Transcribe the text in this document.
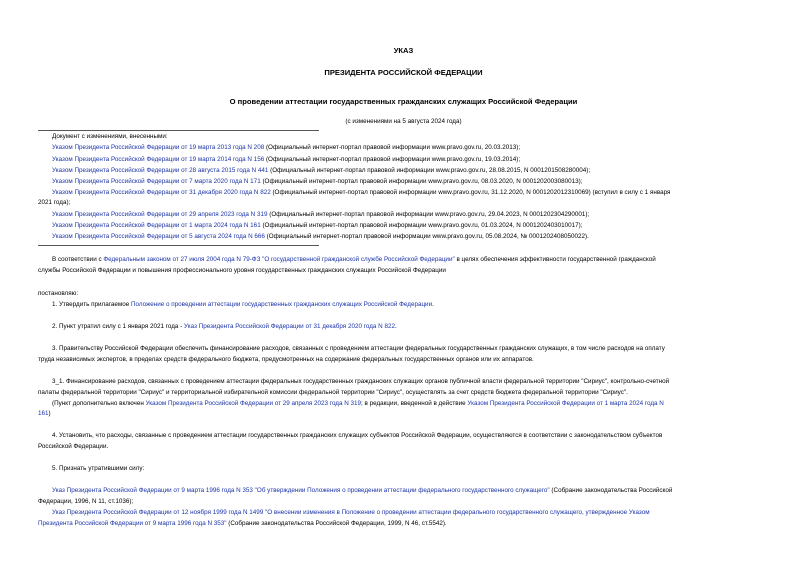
УКАЗ
ПРЕЗИДЕНТА РОССИЙСКОЙ ФЕДЕРАЦИИ
О проведении аттестации государственных гражданских служащих Российской Федерации
(с изменениями на 5 августа 2024 года)
Документ с изменениями, внесенными:
Указом Президента Российской Федерации от 19 марта 2013 года N 208 (Официальный интернет-портал правовой информации www.pravo.gov.ru, 20.03.2013);
Указом Президента Российской Федерации от 19 марта 2014 года N 156 (Официальный интернет-портал правовой информации www.pravo.gov.ru, 19.03.2014);
Указом Президента Российской Федерации от 28 августа 2015 года N 441 (Официальный интернет-портал правовой информации www.pravo.gov.ru, 28.08.2015, N 0001201508280004);
Указом Президента Российской Федерации от 7 марта 2020 года N 171 (Официальный интернет-портал правовой информации www.pravo.gov.ru, 08.03.2020, N 0001202003080013);
Указом Президента Российской Федерации от 31 декабря 2020 года N 822 (Официальный интернет-портал правовой информации www.pravo.gov.ru, 31.12.2020, N 0001202012310069) (вступил в силу с 1 января
2021 года);
Указом Президента Российской Федерации от 29 апреля 2023 года N 319 (Официальный интернет-портал правовой информации www.pravo.gov.ru, 29.04.2023, N 0001202304290001);
Указом Президента Российской Федерации от 1 марта 2024 года N 161 (Официальный интернет-портал правовой информации www.pravo.gov.ru, 01.03.2024, N 0001202403010017);
Указом Президента Российской Федерации от 5 августа 2024 года N 666 (Официальный интернет-портал правовой информации www.pravo.gov.ru, 05.08.2024, № 0001202408050022).
В соответствии с Федеральным законом от 27 июля 2004 года N 79-ФЗ "О государственной гражданской службе Российской Федерации" в целях обеспечения эффективности государственной гражданской
службы Российской Федерации и повышения профессионального уровня государственных гражданских служащих Российской Федерации
постановляю:
1. Утвердить прилагаемое Положение о проведении аттестации государственных гражданских служащих Российской Федерации.
2. Пункт утратил силу с 1 января 2021 года - Указ Президента Российской Федерации от 31 декабря 2020 года N 822.
3. Правительству Российской Федерации обеспечить финансирование расходов, связанных с проведением аттестации федеральных государственных гражданских служащих, в том числе расходов на оплату
труда независимых экспертов, в пределах средств федерального бюджета, предусмотренных на содержание федеральных государственных органов или их аппаратов.
3_1. Финансирование расходов, связанных с проведением аттестации федеральных государственных гражданских служащих органов публичной власти федеральной территории "Сириус", контрольно-счетной
палаты федеральной территории "Сириус" и территориальной избирательной комиссии федеральной территории "Сириус", осуществлять за счет средств бюджета федеральной территории "Сириус".
(Пункт дополнительно включен Указом Президента Российской Федерации от 29 апреля 2023 года N 319; в редакции, введенной в действие Указом Президента Российской Федерации от 1 марта 2024 года N
161)
4. Установить, что расходы, связанные с проведением аттестации государственных гражданских служащих субъектов Российской Федерации, осуществляются в соответствии с законодательством субъектов
Российской Федерации.
5. Признать утратившими силу:
Указ Президента Российской Федерации от 9 марта 1996 года N 353 "Об утверждении Положения о проведении аттестации федерального государственного служащего" (Собрание законодательства Российской
Федерации, 1996, N 11, ст.1036);
Указ Президента Российской Федерации от 12 ноября 1999 года N 1499 "О внесении изменения в Положение о проведении аттестации федерального государственного служащего, утвержденное Указом
Президента Российской Федерации от 9 марта 1996 года N 353" (Собрание законодательства Российской Федерации, 1999, N 46, ст.5542).
